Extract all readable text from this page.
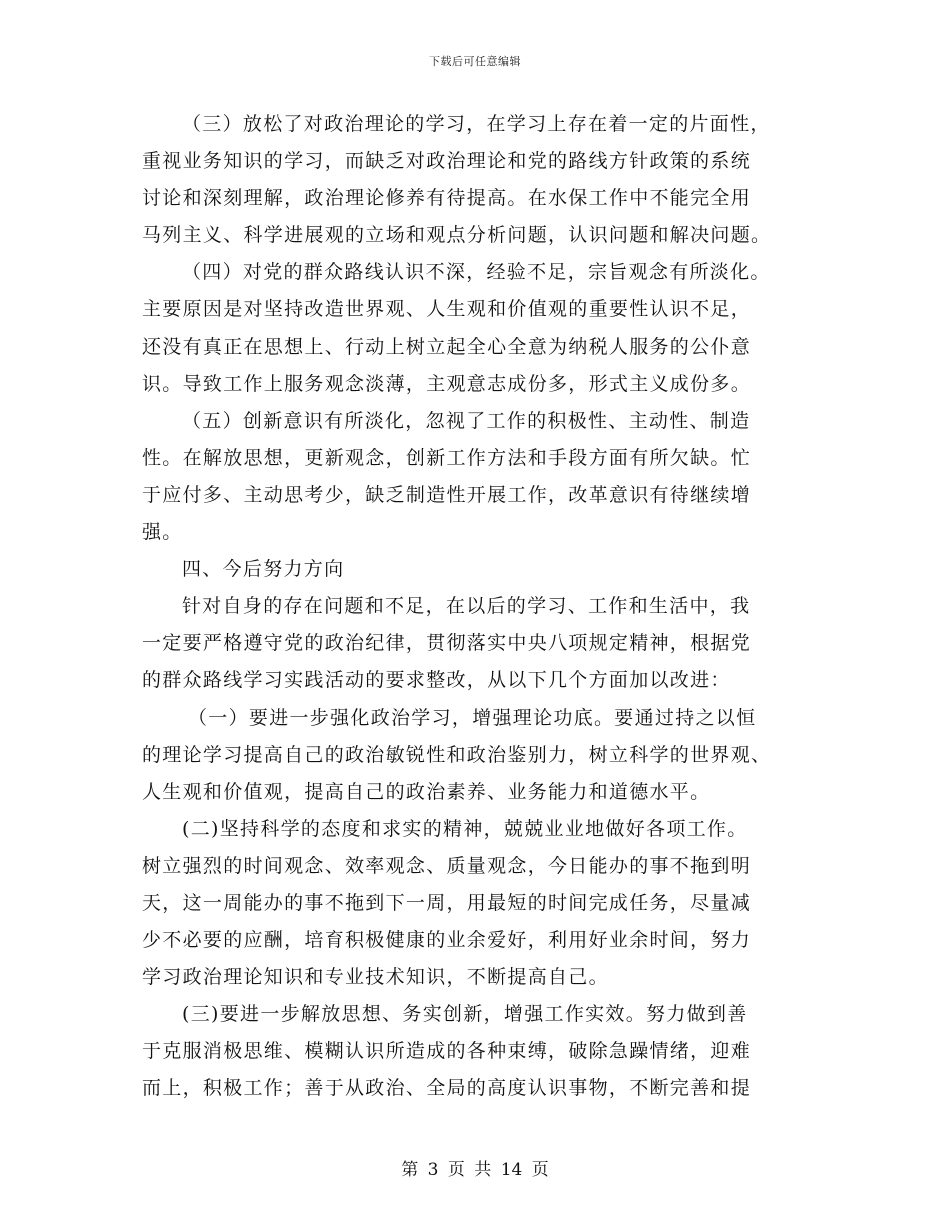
下载后可任意编辑
（三）放松了对政治理论的学习，在学习上存在着一定的片面性，
重视业务知识的学习，而缺乏对政治理论和党的路线方针政策的系统
讨论和深刻理解，政治理论修养有待提高。在水保工作中不能完全用
马列主义、科学进展观的立场和观点分析问题，认识问题和解决问题。
（四）对党的群众路线认识不深，经验不足，宗旨观念有所淡化。
主要原因是对坚持改造世界观、人生观和价值观的重要性认识不足，
还没有真正在思想上、行动上树立起全心全意为纳税人服务的公仆意
识。导致工作上服务观念淡薄，主观意志成份多，形式主义成份多。
（五）创新意识有所淡化，忽视了工作的积极性、主动性、制造
性。在解放思想，更新观念，创新工作方法和手段方面有所欠缺。忙
于应付多、主动思考少，缺乏制造性开展工作，改革意识有待继续增
强。
四、今后努力方向
针对自身的存在问题和不足，在以后的学习、工作和生活中，我
一定要严格遵守党的政治纪律，贯彻落实中央八项规定精神，根据党
的群众路线学习实践活动的要求整改，从以下几个方面加以改进：
（一）要进一步强化政治学习，增强理论功底。要通过持之以恒
的理论学习提高自己的政治敏锐性和政治鉴别力，树立科学的世界观、
人生观和价值观，提高自己的政治素养、业务能力和道德水平。
(二)坚持科学的态度和求实的精神，兢兢业业地做好各项工作。
树立强烈的时间观念、效率观念、质量观念，今日能办的事不拖到明
天，这一周能办的事不拖到下一周，用最短的时间完成任务，尽量减
少不必要的应酬，培育积极健康的业余爱好，利用好业余时间，努力
学习政治理论知识和专业技术知识，不断提高自己。
(三)要进一步解放思想、务实创新，增强工作实效。努力做到善
于克服消极思维、模糊认识所造成的各种束缚，破除急躁情绪，迎难
而上，积极工作；善于从政治、全局的高度认识事物，不断完善和提
第 3 页 共 14 页
